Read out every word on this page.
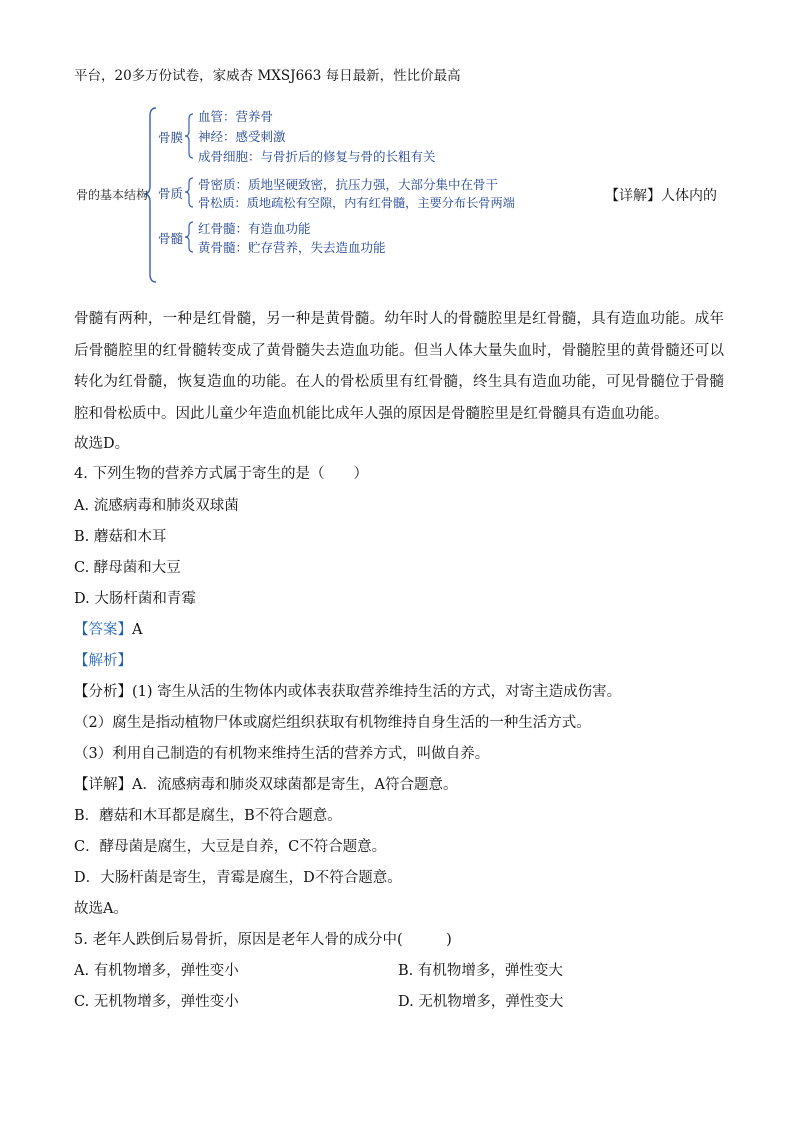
平台，20多万份试卷，家威杏 MXSJ663 每日最新，性比价最高
骨的基本结构
骨膜
骨质
骨髓
血管：营养骨
神经：感受刺激
成骨细胞：与骨折后的修复与骨的长粗有关
骨密质：质地坚硬致密，抗压力强，大部分集中在骨干
骨松质：质地疏松有空隙，内有红骨髓，主要分布长骨两端
红骨髓：有造血功能
黄骨髓：贮存营养，失去造血功能
【详解】人体内的
骨髓有两种，一种是红骨髓，另一种是黄骨髓。幼年时人的骨髓腔里是红骨髓，具有造血功能。成年后骨髓腔里的红骨髓转变成了黄骨髓失去造血功能。但当人体大量失血时，骨髓腔里的黄骨髓还可以转化为红骨髓，恢复造血的功能。在人的骨松质里有红骨髓，终生具有造血功能，可见骨髓位于骨髓腔和骨松质中。因此儿童少年造血机能比成年人强的原因是骨髓腔里是红骨髓具有造血功能。
故选D。
4. 下列生物的营养方式属于寄生的是（　　）
A. 流感病毒和肺炎双球菌
B. 蘑菇和木耳
C. 酵母菌和大豆
D. 大肠杆菌和青霉
【答案】A
【解析】
【分析】(1) 寄生从活的生物体内或体表获取营养维持生活的方式，对寄主造成伤害。
（2）腐生是指动植物尸体或腐烂组织获取有机物维持自身生活的一种生活方式。
（3）利用自己制造的有机物来维持生活的营养方式，叫做自养。
【详解】A．流感病毒和肺炎双球菌都是寄生，A符合题意。
B．蘑菇和木耳都是腐生，B不符合题意。
C．酵母菌是腐生，大豆是自养，C不符合题意。
D．大肠杆菌是寄生，青霉是腐生，D不符合题意。
故选A。
5. 老年人跌倒后易骨折，原因是老年人骨的成分中(　　　)
A. 有机物增多，弹性变小	B. 有机物增多，弹性变大
C. 无机物增多，弹性变小	D. 无机物增多，弹性变大
